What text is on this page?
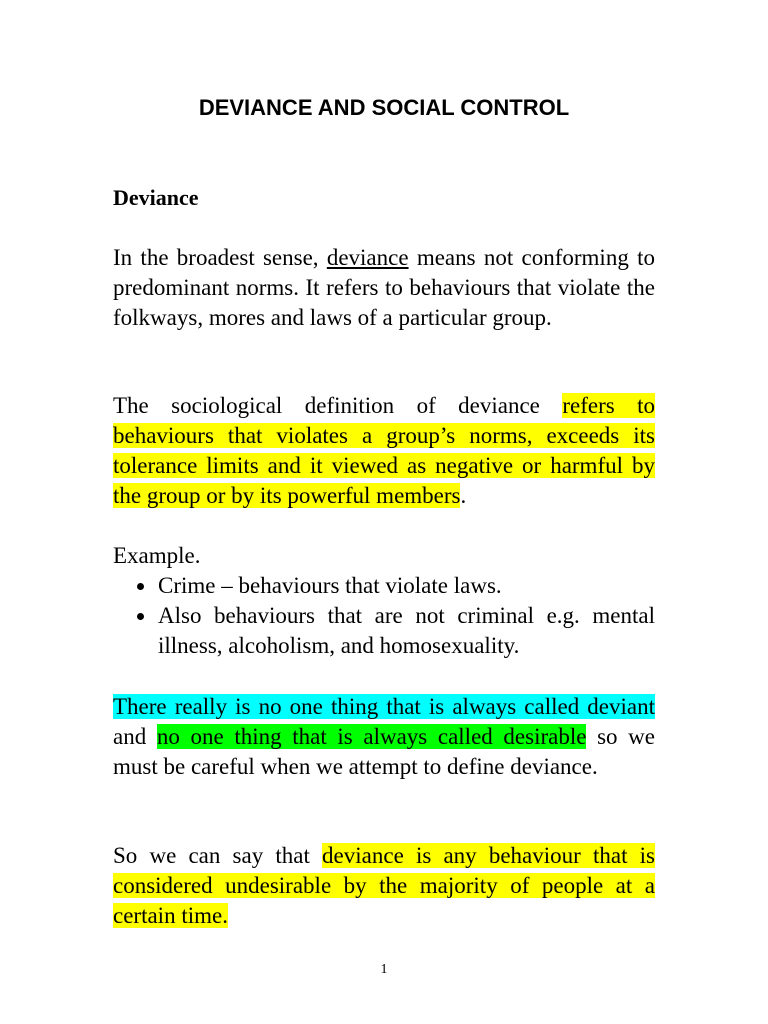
DEVIANCE AND SOCIAL CONTROL
Deviance

In the broadest sense, deviance means not conforming to predominant norms. It refers to behaviours that violate the folkways, mores and laws of a particular group.

The sociological definition of deviance refers to behaviours that violates a group’s norms, exceeds its tolerance limits and it viewed as negative or harmful by the group or by its powerful members.

Example.

Crime – behaviours that violate laws.
Also behaviours that are not criminal e.g. mental illness, alcoholism, and homosexuality.

There really is no one thing that is always called deviant and no one thing that is always called desirable so we must be careful when we attempt to define deviance.

So we can say that deviance is any behaviour that is considered undesirable by the majority of people at a certain time.

1
